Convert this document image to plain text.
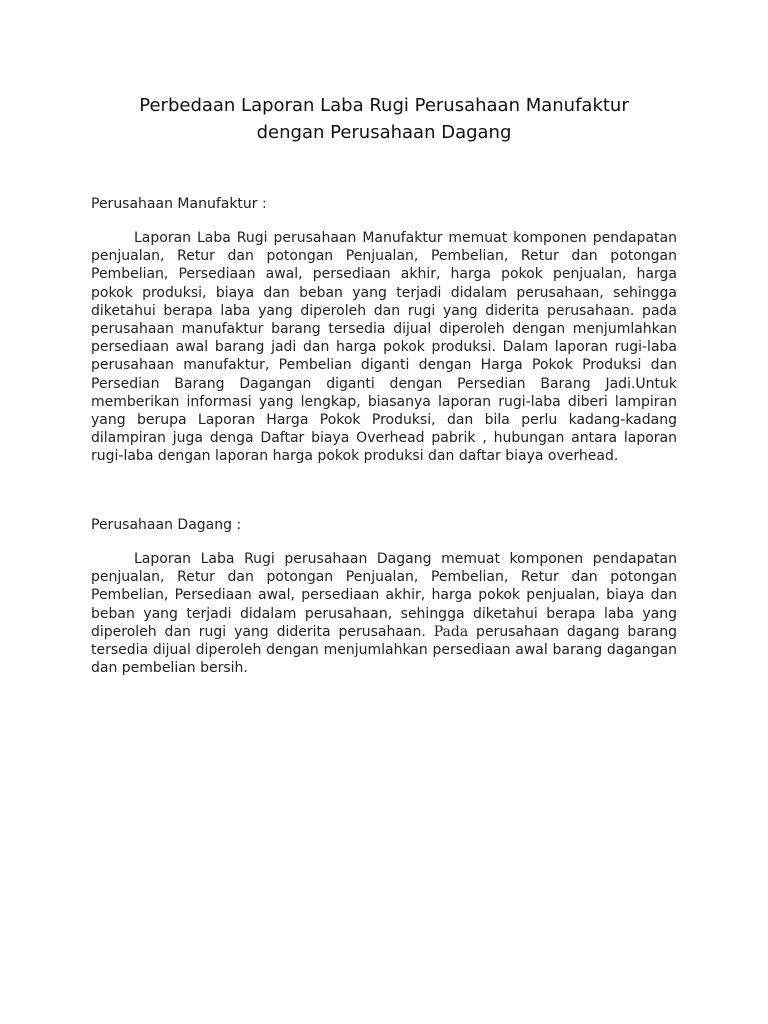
Perbedaan Laporan Laba Rugi Perusahaan Manufaktur
dengan Perusahaan Dagang
Perusahaan Manufaktur :

Laporan Laba Rugi perusahaan Manufaktur memuat komponen pendapatan penjualan, Retur dan potongan Penjualan, Pembelian, Retur dan potongan Pembelian, Persediaan awal, persediaan akhir, harga pokok penjualan, harga pokok produksi, biaya dan beban yang terjadi didalam perusahaan, sehingga diketahui berapa laba yang diperoleh dan rugi yang diderita perusahaan. pada perusahaan manufaktur barang tersedia dijual diperoleh dengan menjumlahkan persediaan awal barang jadi dan harga pokok produksi. Dalam laporan rugi-laba perusahaan manufaktur, Pembelian diganti dengan Harga Pokok Produksi dan Persedian Barang Dagangan diganti dengan Persedian Barang Jadi.Untuk memberikan informasi yang lengkap, biasanya laporan rugi-laba diberi lampiran yang berupa Laporan Harga Pokok Produksi, dan bila perlu kadang-kadang dilampiran juga denga Daftar biaya Overhead pabrik , hubungan antara laporan rugi-laba dengan laporan harga pokok produksi dan daftar biaya overhead.

Perusahaan Dagang :

Laporan Laba Rugi perusahaan Dagang memuat komponen pendapatan penjualan, Retur dan potongan Penjualan, Pembelian, Retur dan potongan Pembelian, Persediaan awal, persediaan akhir, harga pokok penjualan, biaya dan beban yang terjadi didalam perusahaan, sehingga diketahui berapa laba yang diperoleh dan rugi yang diderita perusahaan. Pada perusahaan dagang barang tersedia dijual diperoleh dengan menjumlahkan persediaan awal barang dagangan dan pembelian bersih.
